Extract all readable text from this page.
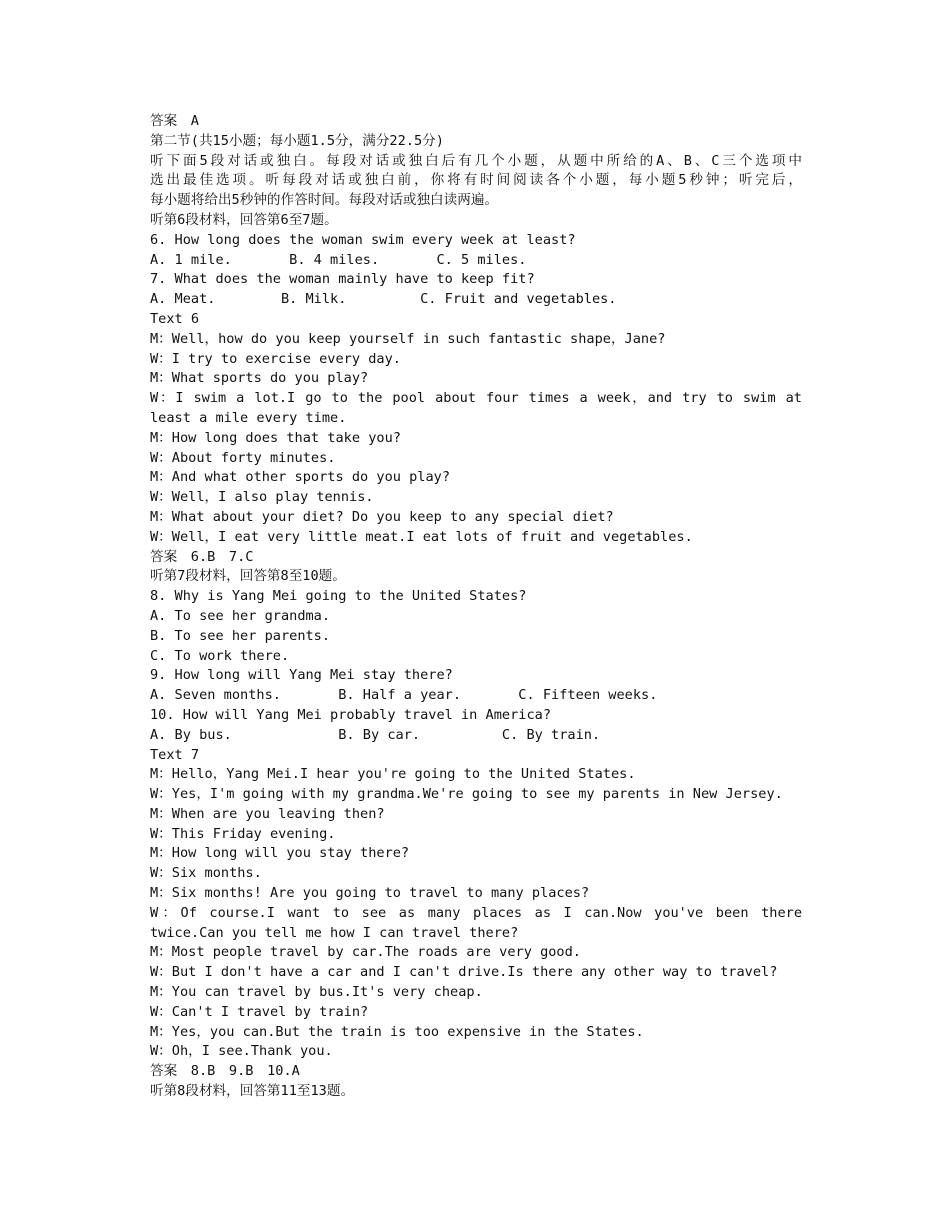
答案　A
第二节(共15小题；每小题1.5分，满分22.5分)
听下面5段对话或独白。每段对话或独白后有几个小题，从题中所给的A、B、C三个选项中
选出最佳选项。听每段对话或独白前，你将有时间阅读各个小题，每小题5秒钟；听完后，
每小题将给出5秒钟的作答时间。每段对话或独白读两遍。
听第6段材料，回答第6至7题。
6. How long does the woman swim every week at least?
A. 1 mile.       B. 4 miles.       C. 5 miles.
7. What does the woman mainly have to keep fit?
A. Meat.        B. Milk.         C. Fruit and vegetables.
Text 6
M：Well，how do you keep yourself in such fantastic shape，Jane?
W：I try to exercise every day.
M：What sports do you play?
W：I swim a lot.I go to the pool about four times a week，and try to swim at
least a mile every time.
M：How long does that take you?
W：About forty minutes.
M：And what other sports do you play?
W：Well，I also play tennis.
M：What about your diet? Do you keep to any special diet?
W：Well，I eat very little meat.I eat lots of fruit and vegetables.
答案　6.B　7.C
听第7段材料，回答第8至10题。
8. Why is Yang Mei going to the United States?
A. To see her grandma.
B. To see her parents.
C. To work there.
9. How long will Yang Mei stay there?
A. Seven months.       B. Half a year.       C. Fifteen weeks.
10. How will Yang Mei probably travel in America?
A. By bus.             B. By car.          C. By train.
Text 7
M：Hello，Yang Mei.I hear you're going to the United States.
W：Yes，I'm going with my grandma.We're going to see my parents in New Jersey.
M：When are you leaving then?
W：This Friday evening.
M：How long will you stay there?
W：Six months.
M：Six months! Are you going to travel to many places?
W：Of course.I want to see as many places as I can.Now you've been there
twice.Can you tell me how I can travel there?
M：Most people travel by car.The roads are very good.
W：But I don't have a car and I can't drive.Is there any other way to travel?
M：You can travel by bus.It's very cheap.
W：Can't I travel by train?
M：Yes，you can.But the train is too expensive in the States.
W：Oh，I see.Thank you.
答案　8.B　9.B　10.A
听第8段材料，回答第11至13题。
